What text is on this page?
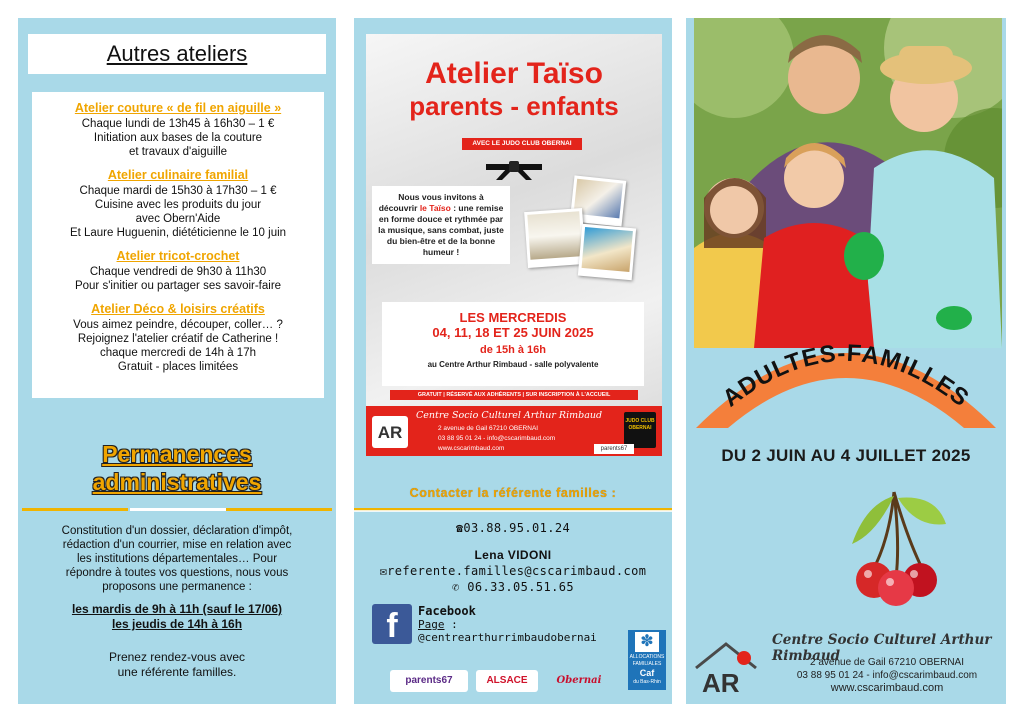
Autres ateliers
Atelier couture « de fil en aiguille »
Chaque lundi de 13h45 à 16h30 – 1 €
Initiation aux bases de la couture
et travaux d'aiguille
Atelier culinaire familial
Chaque mardi de 15h30 à 17h30 – 1 €
Cuisine avec les produits du jour
avec Obern'Aide
Et Laure Huguenin, diététicienne le 10 juin
Atelier tricot-crochet
Chaque vendredi de 9h30 à 11h30
Pour s'initier ou partager ses savoir-faire
Atelier Déco & loisirs créatifs
Vous aimez peindre, découper, coller… ?
Rejoignez l'atelier créatif de Catherine !
chaque mercredi de 14h à 17h
Gratuit - places limitées
Permanences
administratives
Constitution d'un dossier, déclaration d'impôt,
rédaction d'un courrier, mise en relation avec
les institutions départementales… Pour
répondre à toutes vos questions, nous vous
proposons une permanence :
les mardis de 9h à 11h (sauf le 17/06)
les jeudis de 14h à 16h
Prenez rendez-vous avec
une référente familles.
Atelier Taïso
parents - enfants
AVEC LE JUDO CLUB OBERNAI
Nous vous invitons à découvrir le Taïso : une remise en forme douce et rythmée par la musique, sans combat, juste du bien-être et de la bonne humeur !
LES MERCREDIS
04, 11, 18 ET 25 JUIN 2025
de 15h à 16h
au Centre Arthur Rimbaud - salle polyvalente
GRATUIT | RÉSERVÉ AUX ADHÉRENTS | SUR INSCRIPTION À L'ACCUEIL
AR
Centre Socio Culturel Arthur Rimbaud
2 avenue de Gail 67210 OBERNAI
03 88 95 01 24 - info@cscarimbaud.com
www.cscarimbaud.com
JUDO CLUB OBERNAI
parents67
Contacter la référente familles :
☎03.88.95.01.24
Lena VIDONI
✉referente.familles@cscarimbaud.com
✆ 06.33.05.51.65
f	Facebook
Page :
@centrearthurrimbaudobernai	✽
ALLOCATIONS FAMILIALES
Caf
du Bas-Rhin
parents67	ALSACE	Obernai
ADULTES-FAMILLES
DU 2 JUIN AU 4 JUILLET 2025
AR
Centre Socio Culturel Arthur Rimbaud
2 avenue de Gail 67210 OBERNAI
03 88 95 01 24 - info@cscarimbaud.com
www.cscarimbaud.com
